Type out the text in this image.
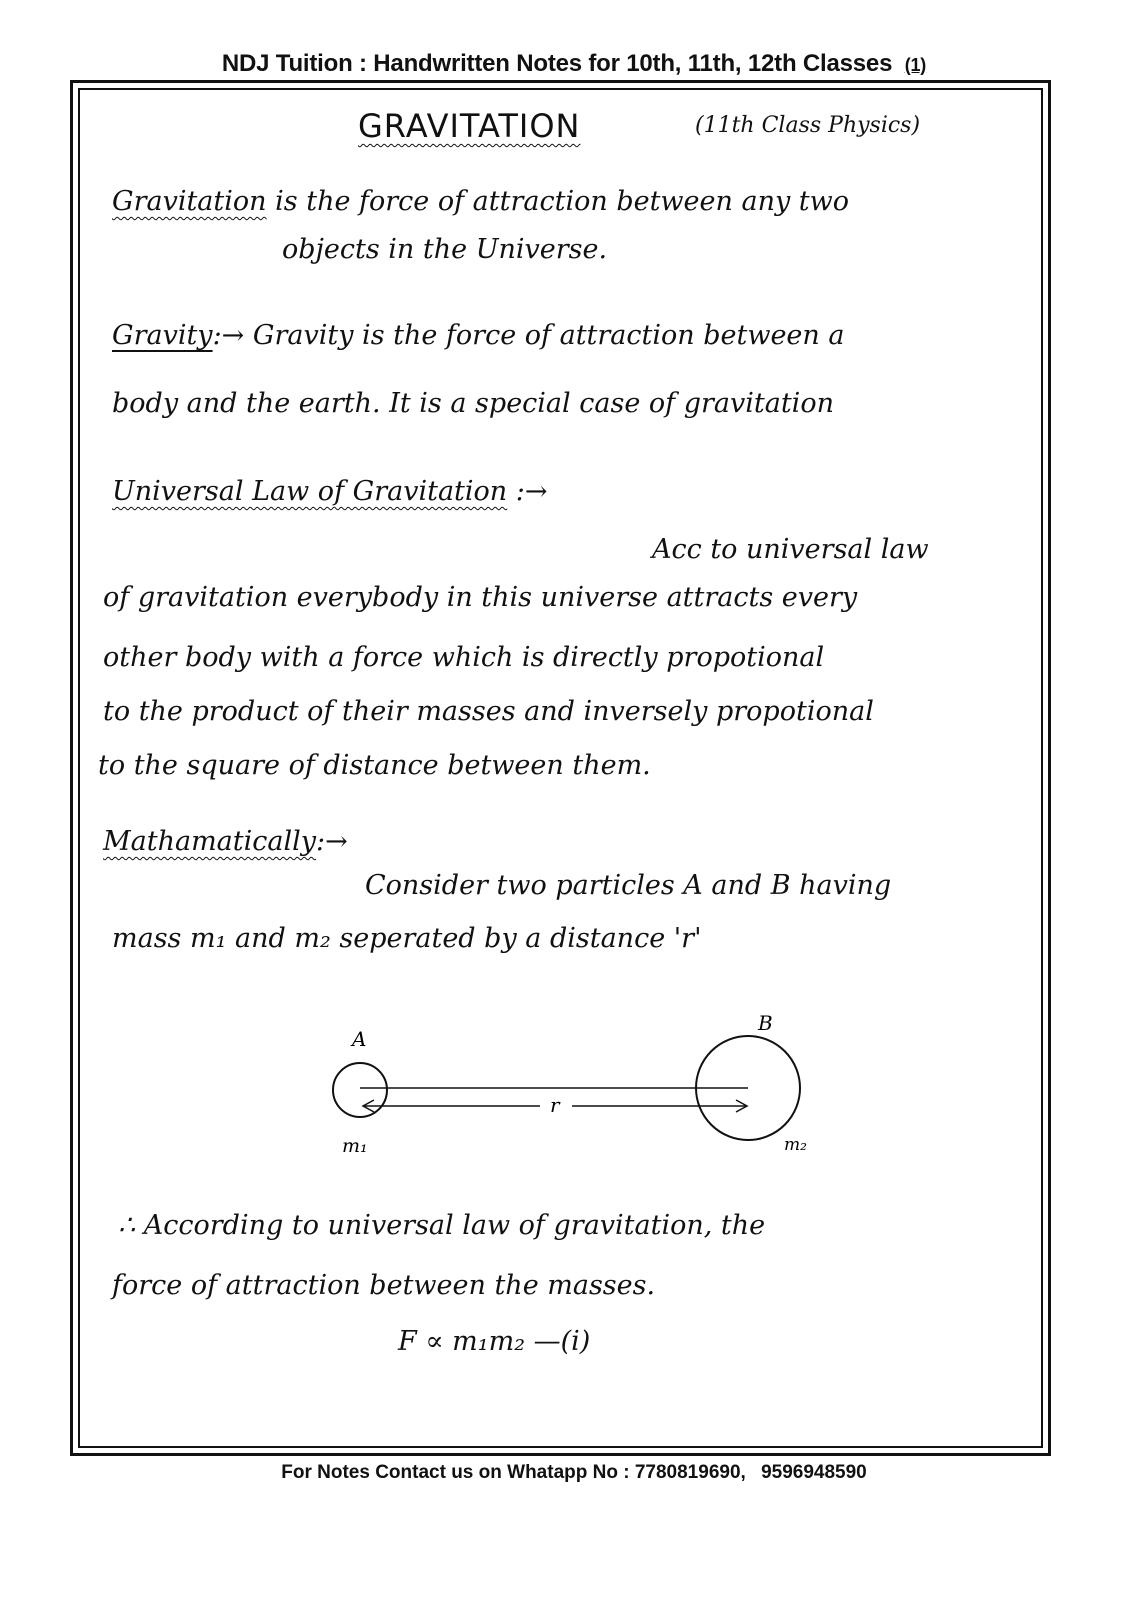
NDJ Tuition : Handwritten Notes for 10th, 11th, 12th Classes (1)
GRAVITATION	(11th Class Physics)
Gravitation is the force of attraction between any two
objects in the Universe.
Gravity:→ Gravity is the force of attraction between a
body and the earth. It is a special case of gravitation
Universal Law of Gravitation :→
Acc to universal law
of gravitation everybody in this universe attracts every
other body with a force which is directly propotional
to the product of their masses and inversely propotional
to the square of distance between them.
Mathamatically:→
Consider two particles A and B having
mass m₁ and m₂ seperated by a distance 'r'
A
B
r
m₁	m₂
∴ According to universal law of gravitation, the
force of attraction between the masses.
F ∝ m₁m₂ —(i)
For Notes Contact us on Whatapp No : 7780819690, 9596948590
